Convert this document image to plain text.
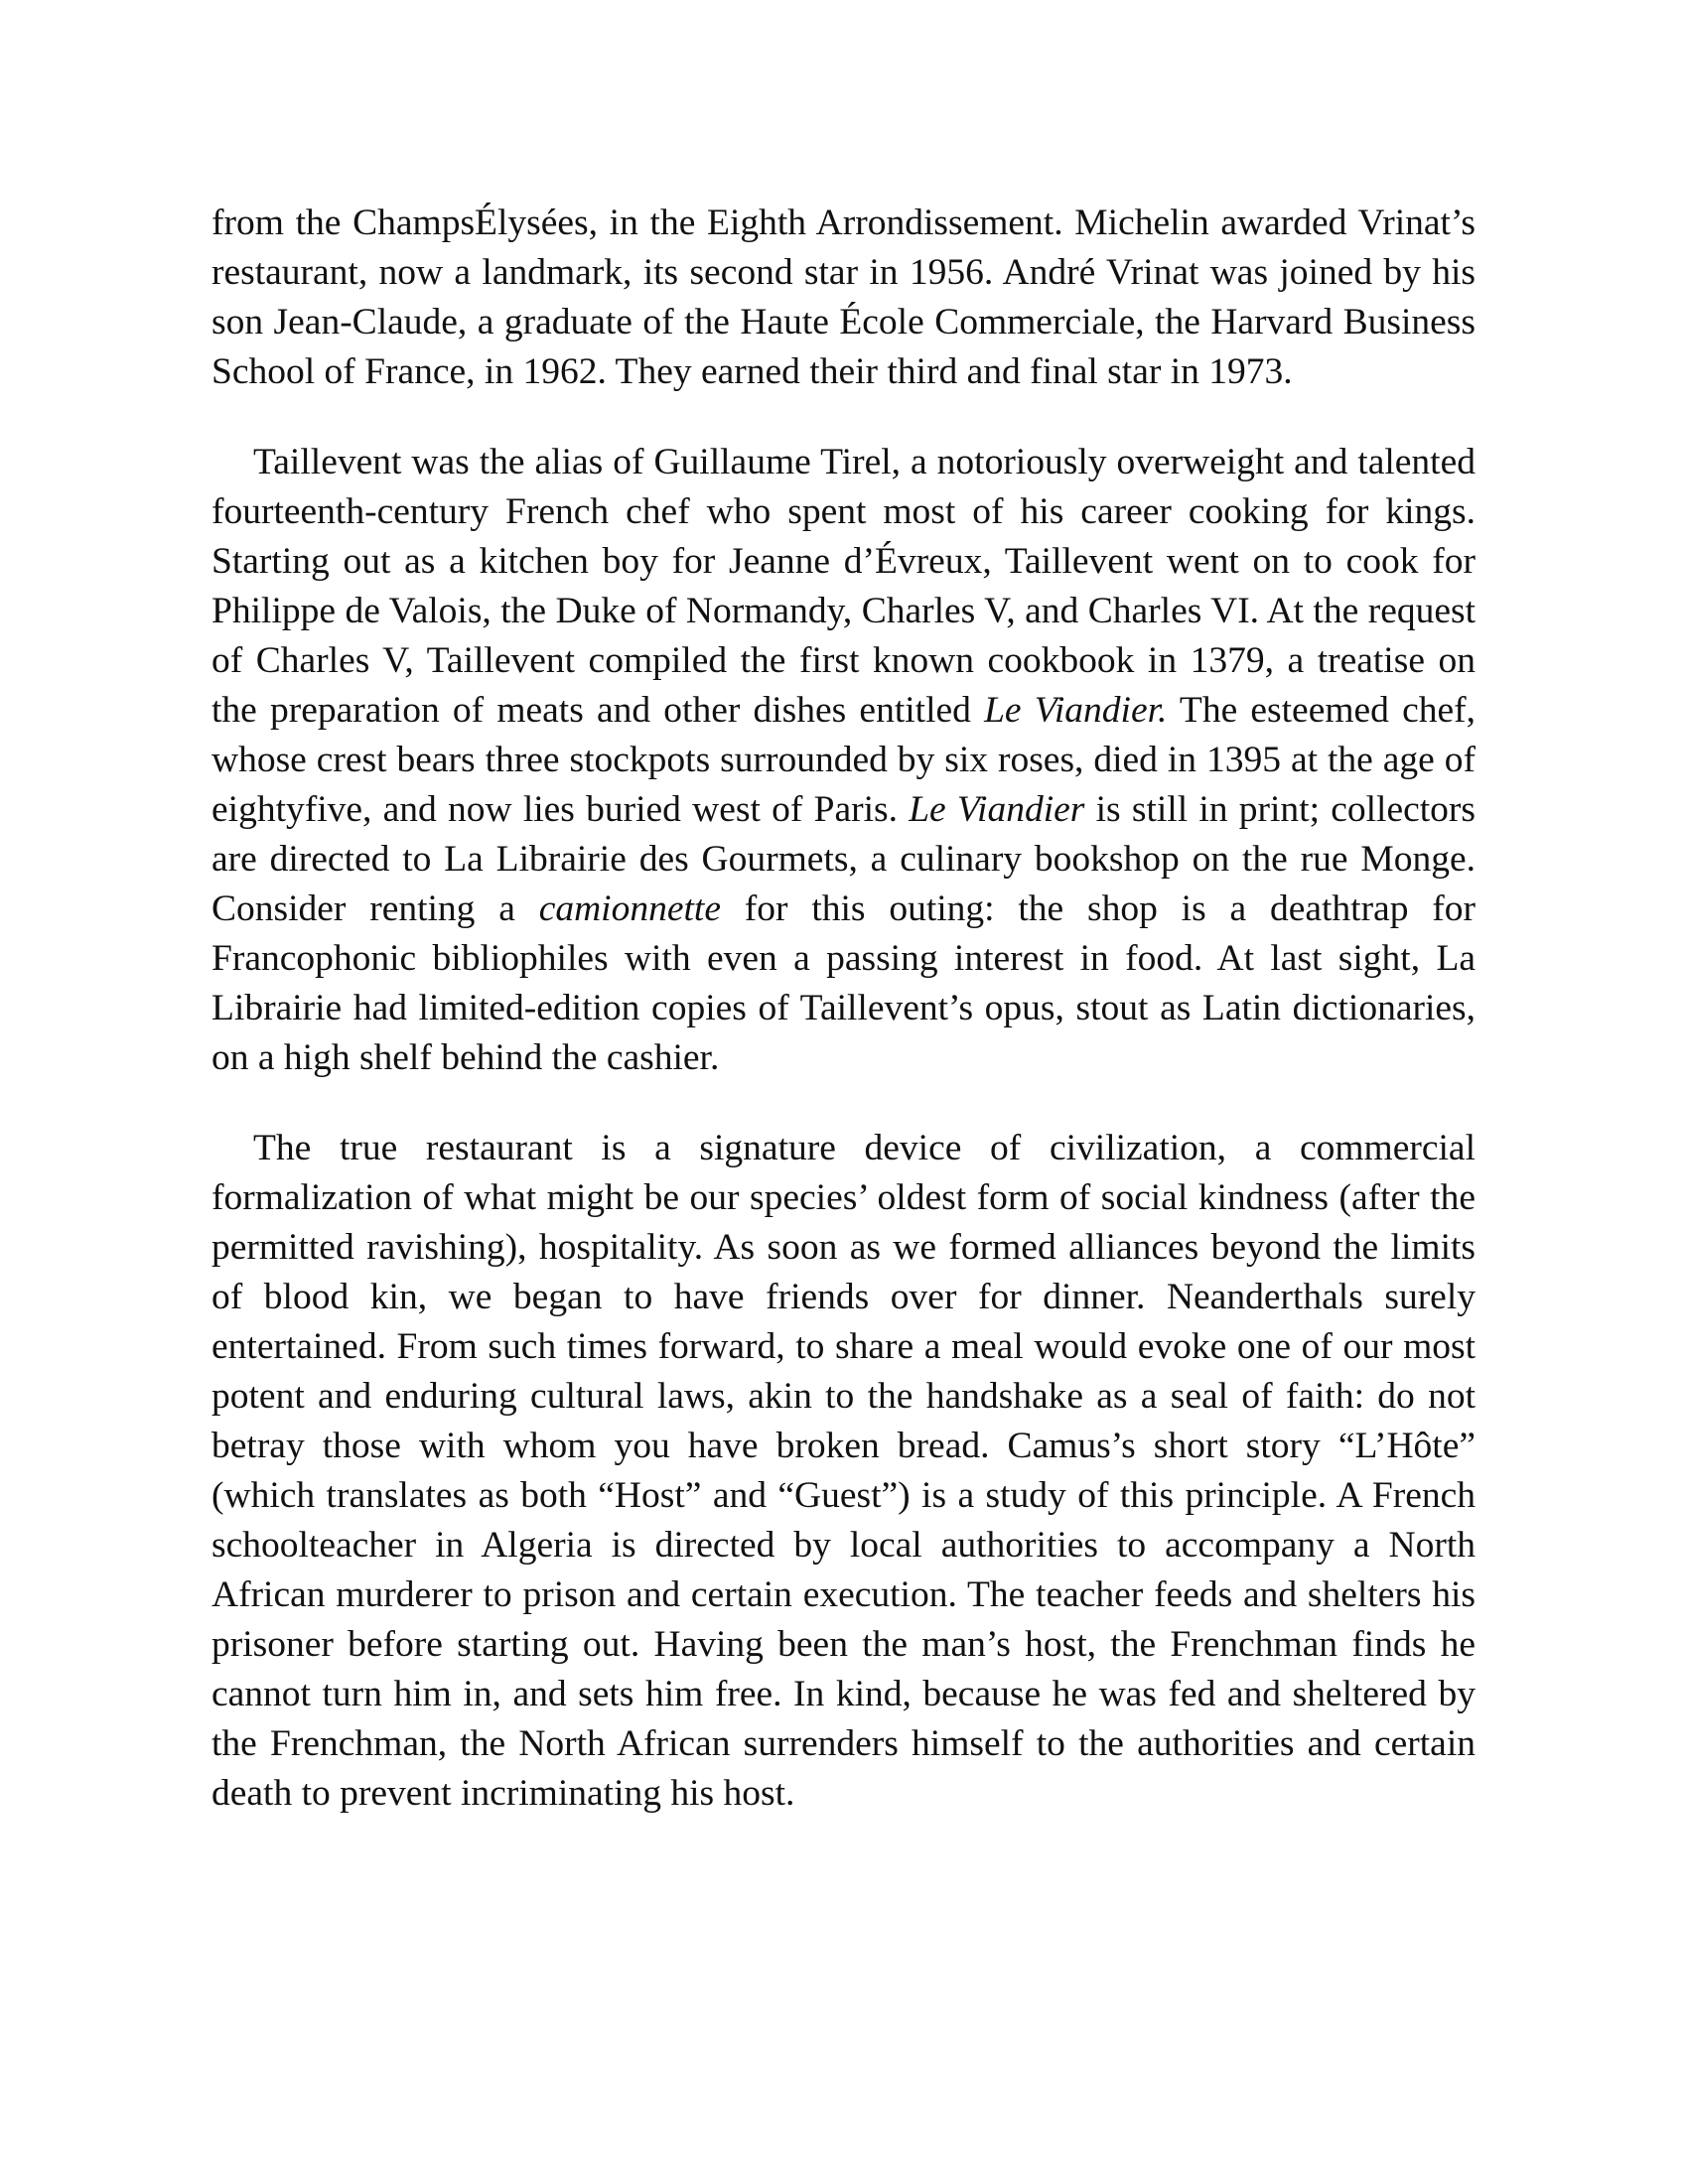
from the ChampsÉlysées, in the Eighth Arrondissement. Michelin awarded Vrinat’s restaurant, now a landmark, its second star in 1956. André Vrinat was joined by his son Jean-Claude, a graduate of the Haute École Commerciale, the Harvard Business School of France, in 1962. They earned their third and final star in 1973.

Taillevent was the alias of Guillaume Tirel, a notoriously overweight and talented fourteenth-century French chef who spent most of his career cooking for kings. Starting out as a kitchen boy for Jeanne d’Évreux, Taillevent went on to cook for Philippe de Valois, the Duke of Normandy, Charles V, and Charles VI. At the request of Charles V, Taillevent compiled the first known cookbook in 1379, a treatise on the preparation of meats and other dishes entitled Le Viandier. The esteemed chef, whose crest bears three stockpots surrounded by six roses, died in 1395 at the age of eightyfive, and now lies buried west of Paris. Le Viandier is still in print; collectors are directed to La Librairie des Gourmets, a culinary bookshop on the rue Monge. Consider renting a camionnette for this outing: the shop is a deathtrap for Francophonic bibliophiles with even a passing interest in food. At last sight, La Librairie had limited-edition copies of Taillevent’s opus, stout as Latin dictionaries, on a high shelf behind the cashier.

The true restaurant is a signature device of civilization, a commercial formalization of what might be our species’ oldest form of social kindness (after the permitted ravishing), hospitality. As soon as we formed alliances beyond the limits of blood kin, we began to have friends over for dinner. Neanderthals surely entertained. From such times forward, to share a meal would evoke one of our most potent and enduring cultural laws, akin to the handshake as a seal of faith: do not betray those with whom you have broken bread. Camus’s short story “L’Hôte” (which translates as both “Host” and “Guest”) is a study of this principle. A French schoolteacher in Algeria is directed by local authorities to accompany a North African murderer to prison and certain execution. The teacher feeds and shelters his prisoner before starting out. Having been the man’s host, the Frenchman finds he cannot turn him in, and sets him free. In kind, because he was fed and sheltered by the Frenchman, the North African surrenders himself to the authorities and certain death to prevent incriminating his host.
